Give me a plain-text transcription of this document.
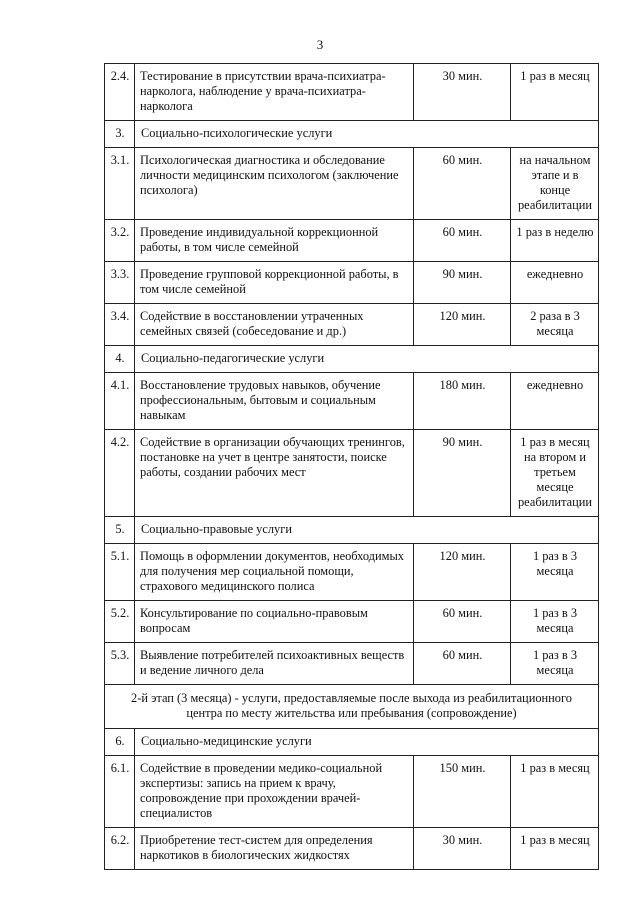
3
2.4.	Тестирование в присутствии врача-психиатра-нарколога, наблюдение у врача-психиатра-нарколога	30 мин.	1 раз в месяц
3.	Социально-психологические услуги		
3.1.	Психологическая диагностика и обследование личности медицинским психологом (заключение психолога)	60 мин.	на начальном этапе и в конце реабилитации
3.2.	Проведение индивидуальной коррекционной работы, в том числе семейной	60 мин.	1 раз в неделю
3.3.	Проведение групповой коррекционной работы, в том числе семейной	90 мин.	ежедневно
3.4.	Содействие в восстановлении утраченных семейных связей (собеседование и др.)	120 мин.	2 раза в 3 месяца
4.	Социально-педагогические услуги		
4.1.	Восстановление трудовых навыков, обучение профессиональным, бытовым и социальным навыкам	180 мин.	ежедневно
4.2.	Содействие в организации обучающих тренингов, постановке на учет в центре занятости, поиске работы, создании рабочих мест	90 мин.	1 раз в месяц на втором и третьем месяце реабилитации
5.	Социально-правовые услуги		
5.1.	Помощь в оформлении документов, необходимых для получения мер социальной помощи, страхового медицинского полиса	120 мин.	1 раз в 3 месяца
5.2.	Консультирование по социально-правовым вопросам	60 мин.	1 раз в 3 месяца
5.3.	Выявление потребителей психоактивных веществ и ведение личного дела	60 мин.	1 раз в 3 месяца
2-й этап (3 месяца) - услуги, предоставляемые после выхода из реабилитационного центра по месту жительства или пребывания (сопровождение)			
6.	Социально-медицинские услуги		
6.1.	Содействие в проведении медико-социальной экспертизы: запись на прием к врачу, сопровождение при прохождении врачей-специалистов	150 мин.	1 раз в месяц
6.2.	Приобретение тест-систем для определения наркотиков в биологических жидкостях	30 мин.	1 раз в месяц
